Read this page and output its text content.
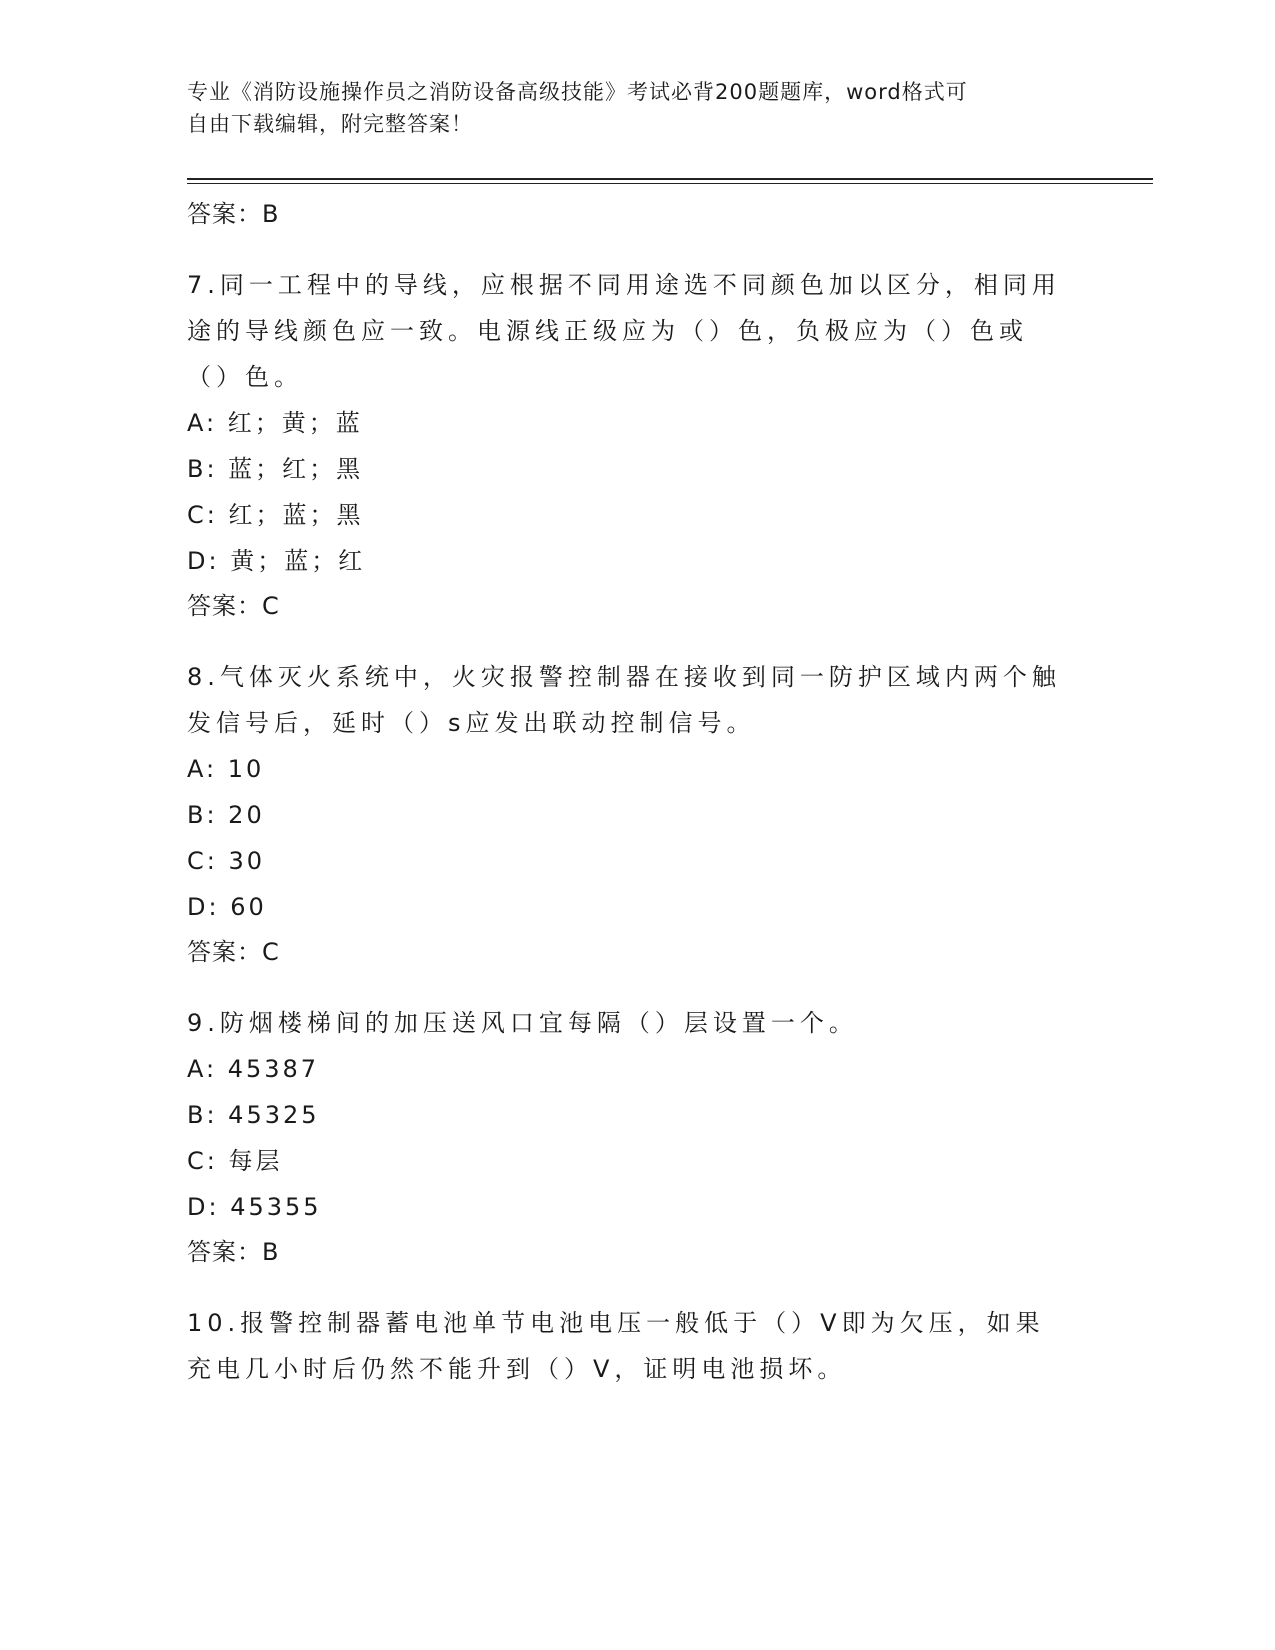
专业《消防设施操作员之消防设备高级技能》考试必背200题题库，word格式可
自由下载编辑，附完整答案！
答案：B

7.同一工程中的导线，应根据不同用途选不同颜色加以区分，相同用途的导线颜色应一致。电源线正级应为（）色，负极应为（）色或（）色。

A: 红；黄；蓝
B: 蓝；红；黑
C: 红；蓝；黑
D: 黄；蓝；红
答案：C

8.气体灭火系统中，火灾报警控制器在接收到同一防护区域内两个触发信号后，延时（）s应发出联动控制信号。

A: 10
B: 20
C: 30
D: 60
答案：C

9.防烟楼梯间的加压送风口宜每隔（）层设置一个。

A: 45387
B: 45325
C: 每层
D: 45355
答案：B

10.报警控制器蓄电池单节电池电压一般低于（）V即为欠压，如果充电几小时后仍然不能升到（）V，证明电池损坏。
